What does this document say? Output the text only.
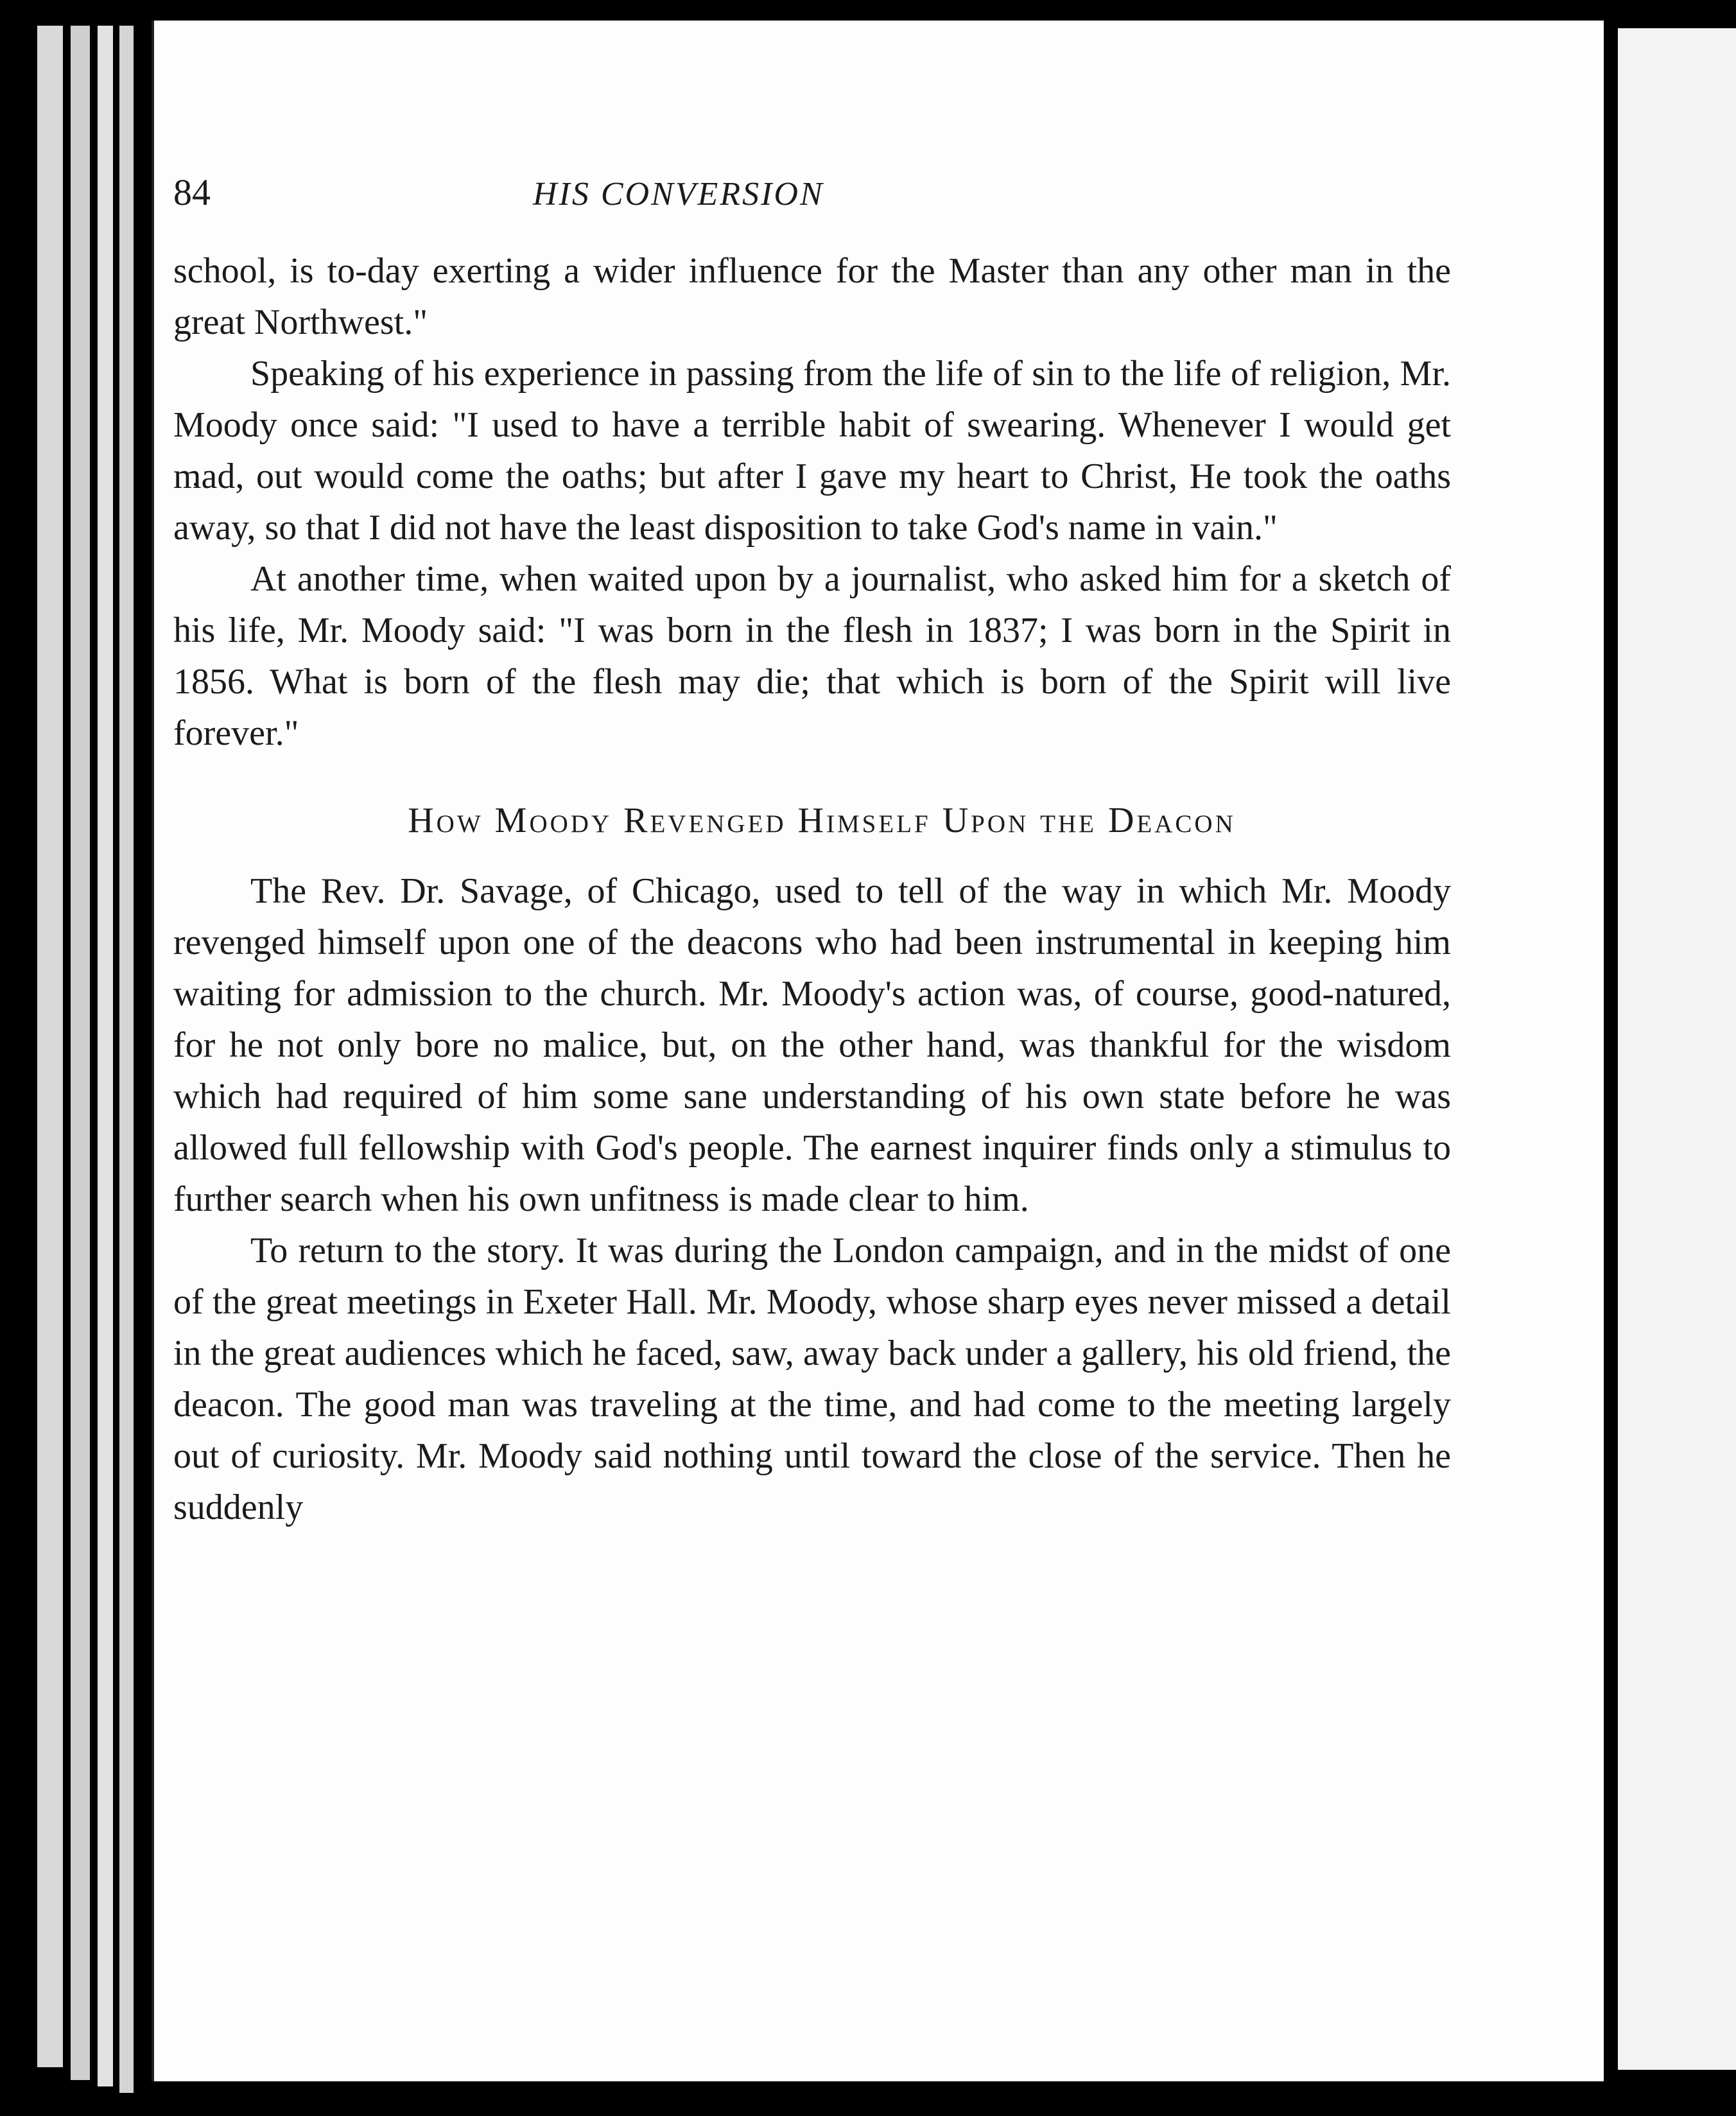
84	HIS CONVERSION

school, is to-day exerting a wider influence for the Master than any other man in the great Northwest."

Speaking of his experience in passing from the life of sin to the life of religion, Mr. Moody once said: "I used to have a terrible habit of swearing. Whenever I would get mad, out would come the oaths; but after I gave my heart to Christ, He took the oaths away, so that I did not have the least disposition to take God's name in vain."

At another time, when waited upon by a journalist, who asked him for a sketch of his life, Mr. Moody said: "I was born in the flesh in 1837; I was born in the Spirit in 1856. What is born of the flesh may die; that which is born of the Spirit will live forever."

How Moody Revenged Himself Upon the Deacon

The Rev. Dr. Savage, of Chicago, used to tell of the way in which Mr. Moody revenged himself upon one of the deacons who had been instrumental in keeping him waiting for admission to the church. Mr. Moody's action was, of course, good-natured, for he not only bore no malice, but, on the other hand, was thankful for the wisdom which had required of him some sane understanding of his own state before he was allowed full fellowship with God's people. The earnest inquirer finds only a stimulus to further search when his own unfitness is made clear to him.

To return to the story. It was during the London campaign, and in the midst of one of the great meetings in Exeter Hall. Mr. Moody, whose sharp eyes never missed a detail in the great audiences which he faced, saw, away back under a gallery, his old friend, the deacon. The good man was traveling at the time, and had come to the meeting largely out of curiosity. Mr. Moody said nothing until toward the close of the service. Then he suddenly
